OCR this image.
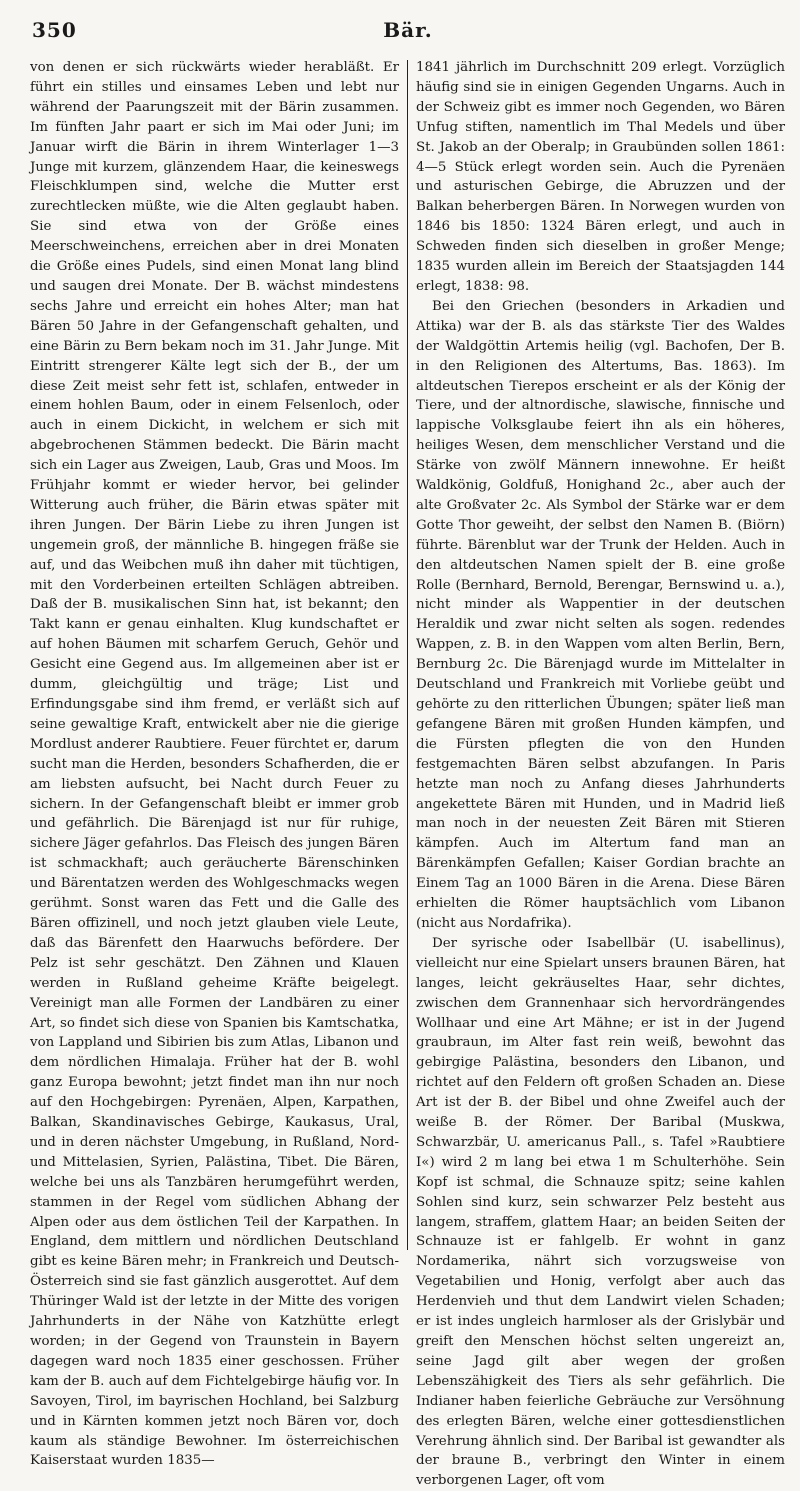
350	Bär.

von denen er sich rückwärts wieder herabläßt. Er führt ein stilles und einsames Leben und lebt nur während der Paarungszeit mit der Bärin zusammen. Im fünften Jahr paart er sich im Mai oder Juni; im Januar wirft die Bärin in ihrem Winterlager 1—3 Junge mit kurzem, glänzendem Haar, die keineswegs Fleischklumpen sind, welche die Mutter erst zurechtlecken müßte, wie die Alten geglaubt haben. Sie sind etwa von der Größe eines Meerschweinchens, erreichen aber in drei Monaten die Größe eines Pudels, sind einen Monat lang blind und saugen drei Monate. Der B. wächst mindestens sechs Jahre und erreicht ein hohes Alter; man hat Bären 50 Jahre in der Gefangenschaft gehalten, und eine Bärin zu Bern bekam noch im 31. Jahr Junge. Mit Eintritt strengerer Kälte legt sich der B., der um diese Zeit meist sehr fett ist, schlafen, entweder in einem hohlen Baum, oder in einem Felsenloch, oder auch in einem Dickicht, in welchem er sich mit abgebrochenen Stämmen bedeckt. Die Bärin macht sich ein Lager aus Zweigen, Laub, Gras und Moos. Im Frühjahr kommt er wieder hervor, bei gelinder Witterung auch früher, die Bärin etwas später mit ihren Jungen. Der Bärin Liebe zu ihren Jungen ist ungemein groß, der männliche B. hingegen fräße sie auf, und das Weibchen muß ihn daher mit tüchtigen, mit den Vorderbeinen erteilten Schlägen abtreiben. Daß der B. musikalischen Sinn hat, ist bekannt; den Takt kann er genau einhalten. Klug kundschaftet er auf hohen Bäumen mit scharfem Geruch, Gehör und Gesicht eine Gegend aus. Im allgemeinen aber ist er dumm, gleichgültig und träge; List und Erfindungsgabe sind ihm fremd, er verläßt sich auf seine gewaltige Kraft, entwickelt aber nie die gierige Mordlust anderer Raubtiere. Feuer fürchtet er, darum sucht man die Herden, besonders Schafherden, die er am liebsten aufsucht, bei Nacht durch Feuer zu sichern. In der Gefangenschaft bleibt er immer grob und gefährlich. Die Bärenjagd ist nur für ruhige, sichere Jäger gefahrlos. Das Fleisch des jungen Bären ist schmackhaft; auch geräucherte Bärenschinken und Bärentatzen werden des Wohlgeschmacks wegen gerühmt. Sonst waren das Fett und die Galle des Bären offizinell, und noch jetzt glauben viele Leute, daß das Bärenfett den Haarwuchs befördere. Der Pelz ist sehr geschätzt. Den Zähnen und Klauen werden in Rußland geheime Kräfte beigelegt. Vereinigt man alle Formen der Landbären zu einer Art, so findet sich diese von Spanien bis Kamtschatka, von Lappland und Sibirien bis zum Atlas, Libanon und dem nördlichen Himalaja. Früher hat der B. wohl ganz Europa bewohnt; jetzt findet man ihn nur noch auf den Hochgebirgen: Pyrenäen, Alpen, Karpathen, Balkan, Skandinavisches Gebirge, Kaukasus, Ural, und in deren nächster Umgebung, in Rußland, Nord- und Mittelasien, Syrien, Palästina, Tibet. Die Bären, welche bei uns als Tanzbären herumgeführt werden, stammen in der Regel vom südlichen Abhang der Alpen oder aus dem östlichen Teil der Karpathen. In England, dem mittlern und nördlichen Deutschland gibt es keine Bären mehr; in Frankreich und Deutsch-Österreich sind sie fast gänzlich ausgerottet. Auf dem Thüringer Wald ist der letzte in der Mitte des vorigen Jahrhunderts in der Nähe von Katzhütte erlegt worden; in der Gegend von Traunstein in Bayern dagegen ward noch 1835 einer geschossen. Früher kam der B. auch auf dem Fichtelgebirge häufig vor. In Savoyen, Tirol, im bayrischen Hochland, bei Salzburg und in Kärnten kommen jetzt noch Bären vor, doch kaum als ständige Bewohner. Im österreichischen Kaiserstaat wurden 1835—

1841 jährlich im Durchschnitt 209 erlegt. Vorzüglich häufig sind sie in einigen Gegenden Ungarns. Auch in der Schweiz gibt es immer noch Gegenden, wo Bären Unfug stiften, namentlich im Thal Medels und über St. Jakob an der Oberalp; in Graubünden sollen 1861: 4—5 Stück erlegt worden sein. Auch die Pyrenäen und asturischen Gebirge, die Abruzzen und der Balkan beherbergen Bären. In Norwegen wurden von 1846 bis 1850: 1324 Bären erlegt, und auch in Schweden finden sich dieselben in großer Menge; 1835 wurden allein im Bereich der Staatsjagden 144 erlegt, 1838: 98.

Bei den Griechen (besonders in Arkadien und Attika) war der B. als das stärkste Tier des Waldes der Waldgöttin Artemis heilig (vgl. Bachofen, Der B. in den Religionen des Altertums, Bas. 1863). Im altdeutschen Tierepos erscheint er als der König der Tiere, und der altnordische, slawische, finnische und lappische Volksglaube feiert ihn als ein höheres, heiliges Wesen, dem menschlicher Verstand und die Stärke von zwölf Männern innewohne. Er heißt Waldkönig, Goldfuß, Honighand 2c., aber auch der alte Großvater 2c. Als Symbol der Stärke war er dem Gotte Thor geweiht, der selbst den Namen B. (Biörn) führte. Bärenblut war der Trunk der Helden. Auch in den altdeutschen Namen spielt der B. eine große Rolle (Bernhard, Bernold, Berengar, Bernswind u. a.), nicht minder als Wappentier in der deutschen Heraldik und zwar nicht selten als sogen. redendes Wappen, z. B. in den Wappen vom alten Berlin, Bern, Bernburg 2c. Die Bärenjagd wurde im Mittelalter in Deutschland und Frankreich mit Vorliebe geübt und gehörte zu den ritterlichen Übungen; später ließ man gefangene Bären mit großen Hunden kämpfen, und die Fürsten pflegten die von den Hunden festgemachten Bären selbst abzufangen. In Paris hetzte man noch zu Anfang dieses Jahrhunderts angekettete Bären mit Hunden, und in Madrid ließ man noch in der neuesten Zeit Bären mit Stieren kämpfen. Auch im Altertum fand man an Bärenkämpfen Gefallen; Kaiser Gordian brachte an Einem Tag an 1000 Bären in die Arena. Diese Bären erhielten die Römer hauptsächlich vom Libanon (nicht aus Nordafrika).

Der syrische oder Isabellbär (U. isabellinus), vielleicht nur eine Spielart unsers braunen Bären, hat langes, leicht gekräuseltes Haar, sehr dichtes, zwischen dem Grannenhaar sich hervordrängendes Wollhaar und eine Art Mähne; er ist in der Jugend graubraun, im Alter fast rein weiß, bewohnt das gebirgige Palästina, besonders den Libanon, und richtet auf den Feldern oft großen Schaden an. Diese Art ist der B. der Bibel und ohne Zweifel auch der weiße B. der Römer. Der Baribal (Muskwa, Schwarzbär, U. americanus Pall., s. Tafel »Raubtiere I«) wird 2 m lang bei etwa 1 m Schulterhöhe. Sein Kopf ist schmal, die Schnauze spitz; seine kahlen Sohlen sind kurz, sein schwarzer Pelz besteht aus langem, straffem, glattem Haar; an beiden Seiten der Schnauze ist er fahlgelb. Er wohnt in ganz Nordamerika, nährt sich vorzugsweise von Vegetabilien und Honig, verfolgt aber auch das Herdenvieh und thut dem Landwirt vielen Schaden; er ist indes ungleich harmloser als der Grislybär und greift den Menschen höchst selten ungereizt an, seine Jagd gilt aber wegen der großen Lebenszähigkeit des Tiers als sehr gefährlich. Die Indianer haben feierliche Gebräuche zur Versöhnung des erlegten Bären, welche einer gottesdienstlichen Verehrung ähnlich sind. Der Baribal ist gewandter als der braune B., verbringt den Winter in einem verborgenen Lager, oft vom
